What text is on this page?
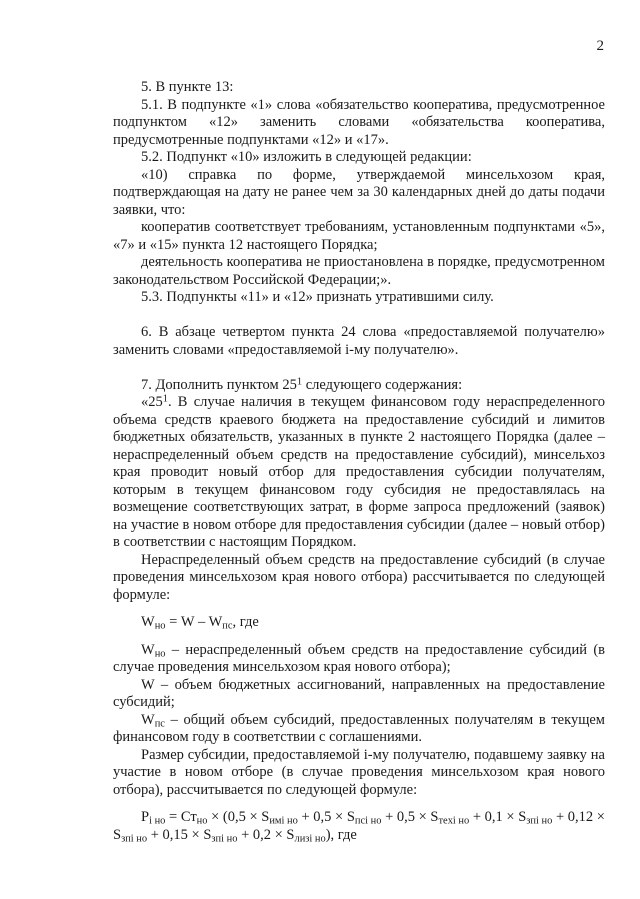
2

5. В пункте 13:

5.1. В подпункте «1» слова «обязательство кооператива, предусмотренное подпунктом «12» заменить словами «обязательства кооператива, предусмотренные подпунктами «12» и «17».

5.2. Подпункт «10» изложить в следующей редакции:

«10) справка по форме, утверждаемой минсельхозом края, подтверждающая на дату не ранее чем за 30 календарных дней до даты подачи заявки, что:

кооператив соответствует требованиям, установленным подпунктами «5», «7» и «15» пункта 12 настоящего Порядка;

деятельность кооператива не приостановлена в порядке, предусмотренном законодательством Российской Федерации;».

5.3. Подпункты «11» и «12» признать утратившими силу.

6. В абзаце четвертом пункта 24 слова «предоставляемой получателю» заменить словами «предоставляемой i-му получателю».

7. Дополнить пунктом $25^1$ следующего содержания:

«$25^1$. В случае наличия в текущем финансовом году нераспределенного объема средств краевого бюджета на предоставление субсидий и лимитов бюджетных обязательств, указанных в пункте 2 настоящего Порядка (далее – нераспределенный объем средств на предоставление субсидий), минсельхоз края проводит новый отбор для предоставления субсидии получателям, которым в текущем финансовом году субсидия не предоставлялась на возмещение соответствующих затрат, в форме запроса предложений (заявок) на участие в новом отборе для предоставления субсидии (далее – новый отбор) в соответствии с настоящим Порядком.

Нераспределенный объем средств на предоставление субсидий (в случае проведения минсельхозом края нового отбора) рассчитывается по следующей формуле:

$W_{но} = W - W_{пс}$, где

$W_{но}$ – нераспределенный объем средств на предоставление субсидий (в случае проведения минсельхозом края нового отбора);

W – объем бюджетных ассигнований, направленных на предоставление субсидий;

$W_{пс}$ – общий объем субсидий, предоставленных получателям в текущем финансовом году в соответствии с соглашениями.

Размер субсидии, предоставляемой i-му получателю, подавшему заявку на участие в новом отборе (в случае проведения минсельхозом края нового отбора), рассчитывается по следующей формуле:

$P_{i но} = Ст_{но} \times (0,5 \times S_{имi но} + 0,5 \times S_{пci но} + 0,5 \times S_{тexi но} + 0,1 \times S_{зпi но} + 0,12$ ×

$S_{зпi но} + 0,15 \times S_{зпi но} + 0,2 \times S_{лизi но}$), где
